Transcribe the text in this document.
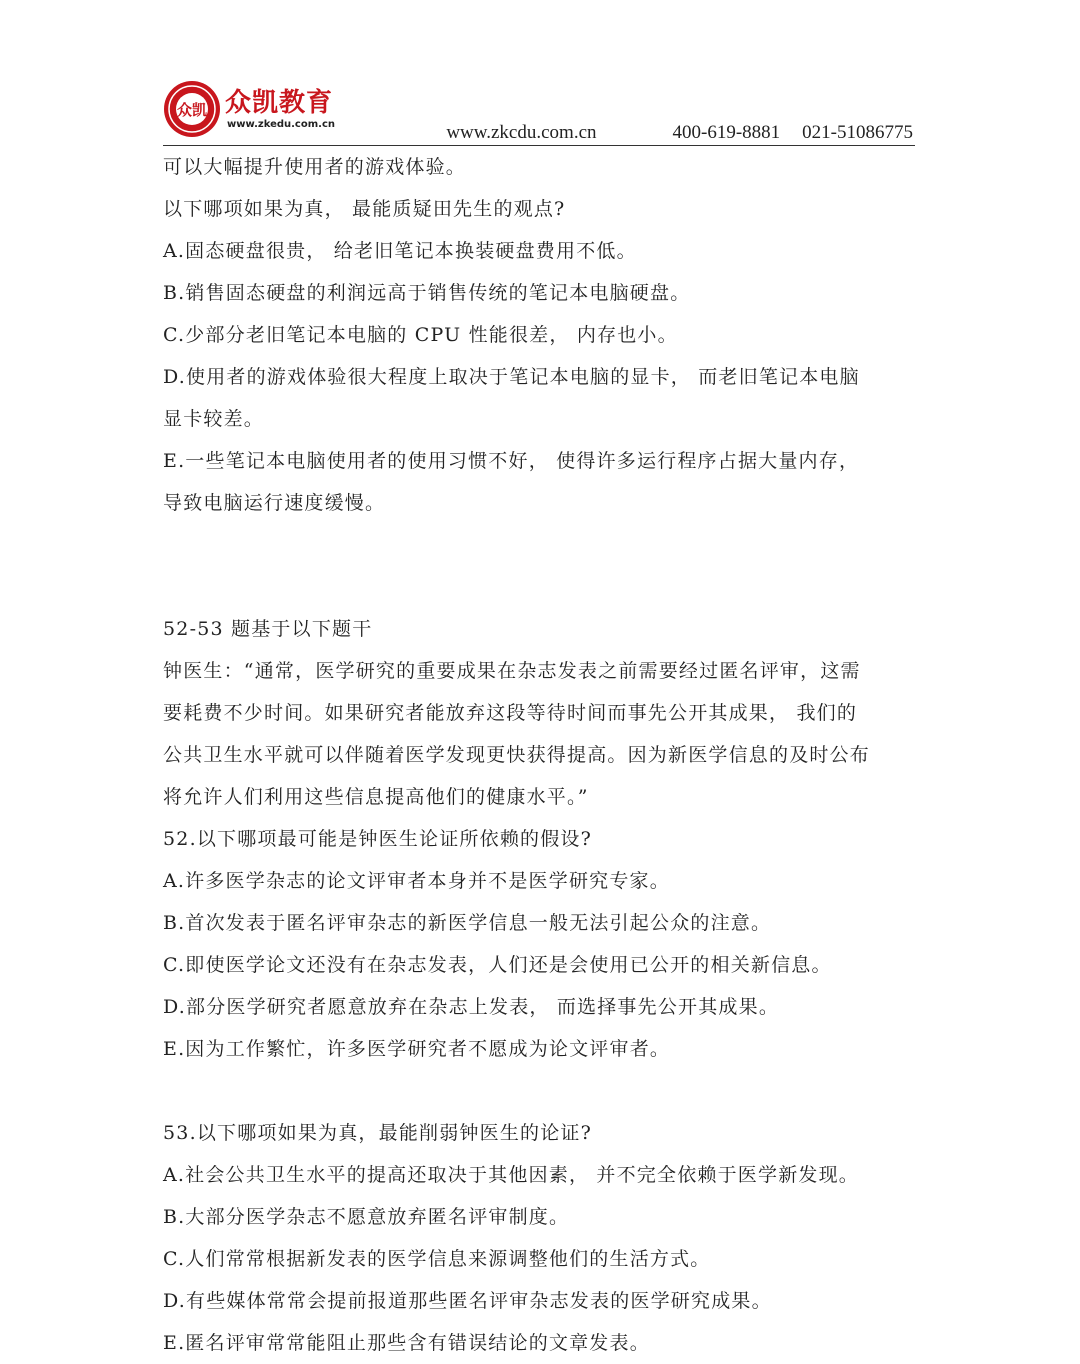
众凯 众凯教育
www.zkedu.com.cn	www.zkcdu.com.cn	400-619-8881 021-51086775

可以大幅提升使用者的游戏体验。

以下哪项如果为真， 最能质疑田先生的观点?

A.固态硬盘很贵， 给老旧笔记本换装硬盘费用不低。

B.销售固态硬盘的利润远高于销售传统的笔记本电脑硬盘。

C.少部分老旧笔记本电脑的 CPU 性能很差， 内存也小。

D.使用者的游戏体验很大程度上取决于笔记本电脑的显卡， 而老旧笔记本电脑

显卡较差。

E.一些笔记本电脑使用者的使用习惯不好， 使得许多运行程序占据大量内存，

导致电脑运行速度缓慢。

52-53 题基于以下题干

钟医生：“通常，医学研究的重要成果在杂志发表之前需要经过匿名评审，这需

要耗费不少时间。如果研究者能放弃这段等待时间而事先公开其成果， 我们的

公共卫生水平就可以伴随着医学发现更快获得提高。因为新医学信息的及时公布

将允许人们利用这些信息提高他们的健康水平。”

52.以下哪项最可能是钟医生论证所依赖的假设?

A.许多医学杂志的论文评审者本身并不是医学研究专家。

B.首次发表于匿名评审杂志的新医学信息一般无法引起公众的注意。

C.即使医学论文还没有在杂志发表，人们还是会使用已公开的相关新信息。

D.部分医学研究者愿意放弃在杂志上发表， 而选择事先公开其成果。

E.因为工作繁忙，许多医学研究者不愿成为论文评审者。

53.以下哪项如果为真，最能削弱钟医生的论证?

A.社会公共卫生水平的提高还取决于其他因素， 并不完全依赖于医学新发现。

B.大部分医学杂志不愿意放弃匿名评审制度。

C.人们常常根据新发表的医学信息来源调整他们的生活方式。

D.有些媒体常常会提前报道那些匿名评审杂志发表的医学研究成果。

E.匿名评审常常能阻止那些含有错误结论的文章发表。
